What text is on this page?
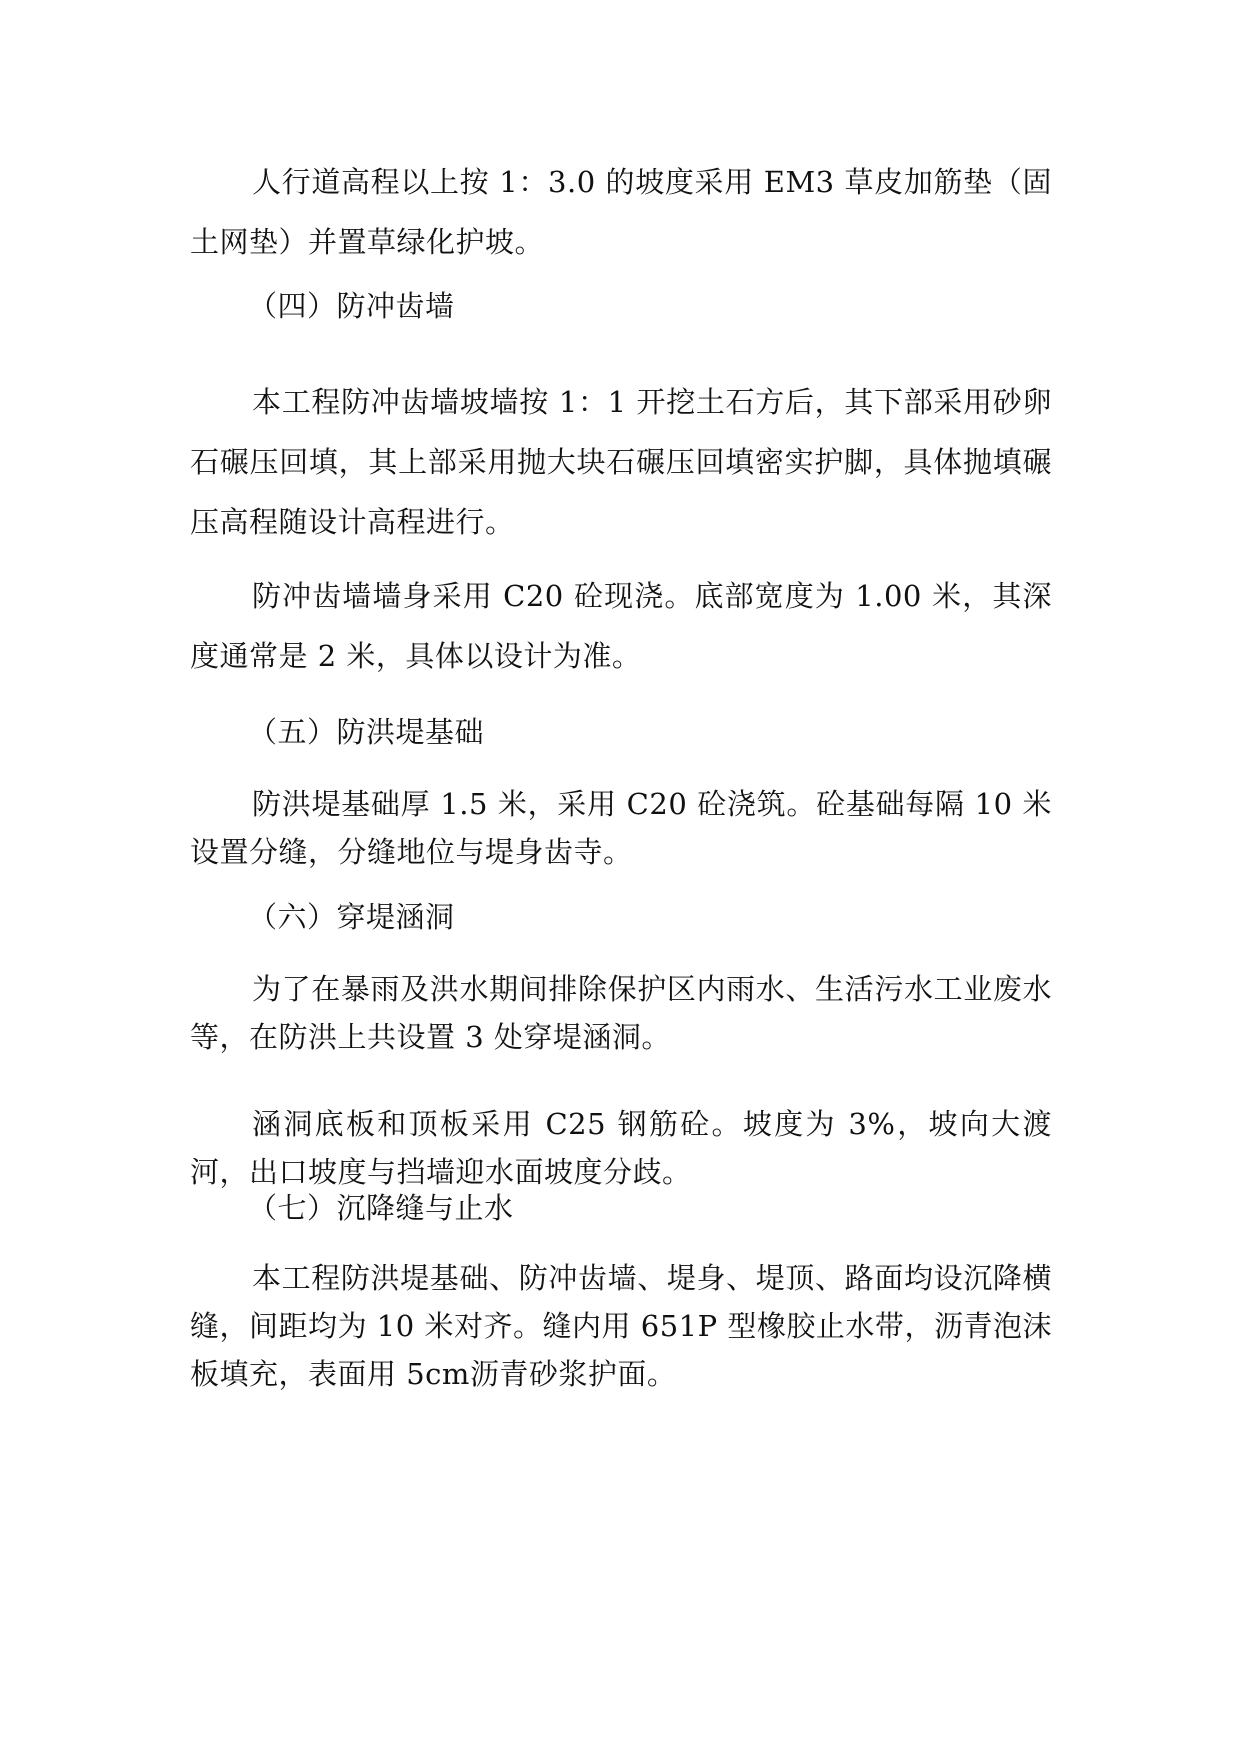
人行道高程以上按 1：3.0 的坡度采用 EM3 草皮加筋垫（固土网垫）并置草绿化护坡。

（四）防冲齿墙

本工程防冲齿墙坡墙按 1：1 开挖土石方后，其下部采用砂卵石碾压回填，其上部采用抛大块石碾压回填密实护脚，具体抛填碾压高程随设计高程进行。

防冲齿墙墙身采用 C20 砼现浇。底部宽度为 1.00 米，其深度通常是 2 米，具体以设计为准。

（五）防洪堤基础

防洪堤基础厚 1.5 米，采用 C20 砼浇筑。砼基础每隔 10 米设置分缝，分缝地位与堤身齿寺。

（六）穿堤涵洞

为了在暴雨及洪水期间排除保护区内雨水、生活污水工业废水等，在防洪上共设置 3 处穿堤涵洞。

涵洞底板和顶板采用 C25 钢筋砼。坡度为 3%，坡向大渡河，出口坡度与挡墙迎水面坡度分歧。

（七）沉降缝与止水

本工程防洪堤基础、防冲齿墙、堤身、堤顶、路面均设沉降横缝，间距均为 10 米对齐。缝内用 651P 型橡胶止水带，沥青泡沫板填充，表面用 5cm沥青砂浆护面。
